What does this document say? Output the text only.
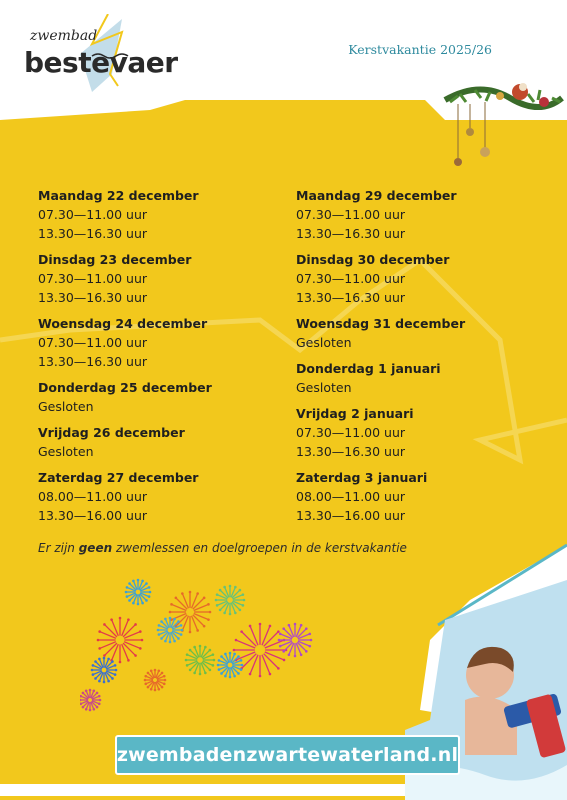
zwembad
bestevaer	Kerstvakantie 2025/26
Maandag 22 december
07.30—11.00 uur
13.30—16.30 uur
Dinsdag 23 december
07.30—11.00 uur
13.30—16.30 uur
Woensdag 24 december
07.30—11.00 uur
13.30—16.30 uur
Donderdag 25 december
Gesloten
Vrijdag 26 december
Gesloten
Zaterdag 27 december
08.00—11.00 uur
13.30—16.00 uur
Maandag 29 december
07.30—11.00 uur
13.30—16.30 uur
Dinsdag 30 december
07.30—11.00 uur
13.30—16.30 uur
Woensdag 31 december
Gesloten
Donderdag 1 januari
Gesloten
Vrijdag 2 januari
07.30—11.00 uur
13.30—16.30 uur
Zaterdag 3 januari
08.00—11.00 uur
13.30—16.00 uur
Er zijn geen zwemlessen en doelgroepen in de kerstvakantie
zwembadenzwartewaterland.nl
